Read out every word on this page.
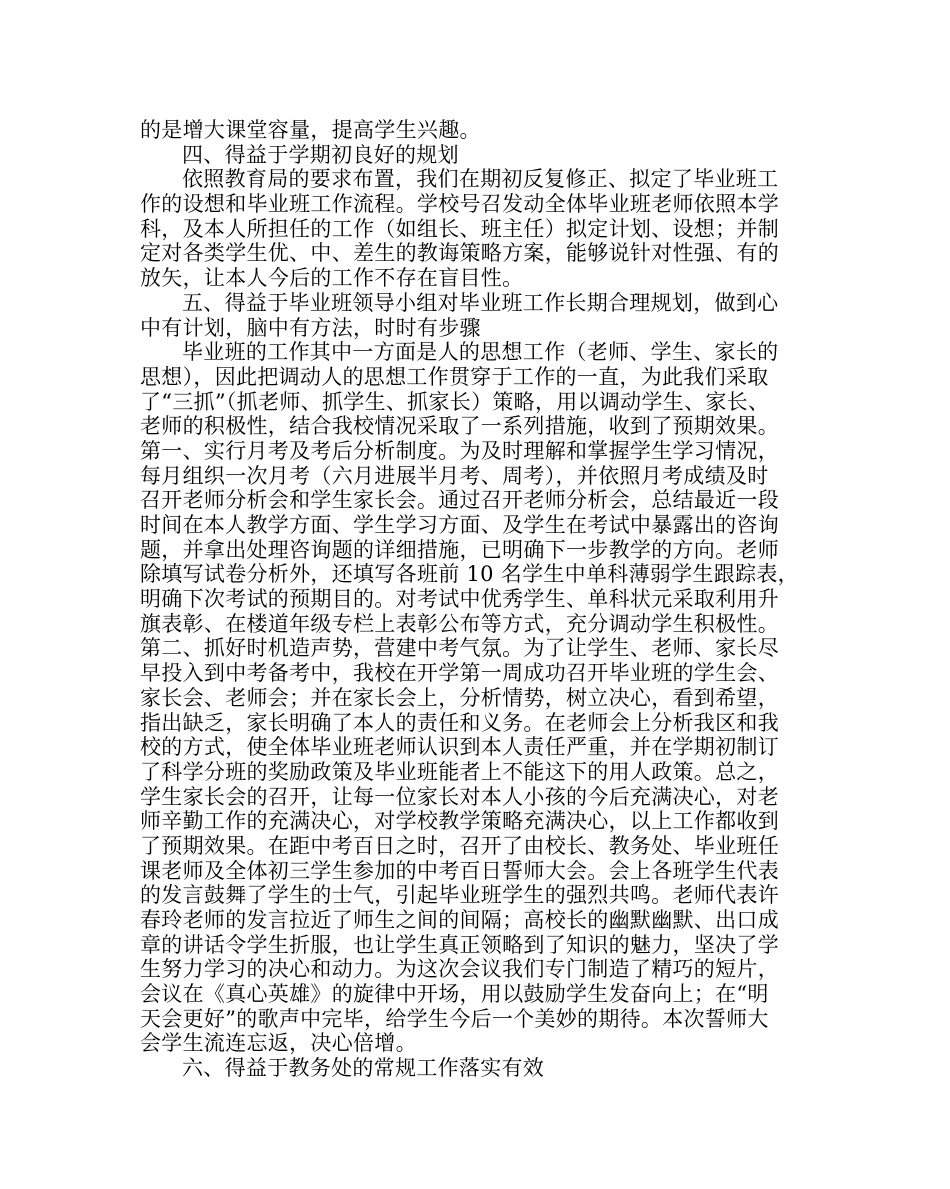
的是增大课堂容量，提高学生兴趣。
四、得益于学期初良好的规划
依照教育局的要求布置，我们在期初反复修正、拟定了毕业班工
作的设想和毕业班工作流程。学校号召发动全体毕业班老师依照本学
科，及本人所担任的工作（如组长、班主任）拟定计划、设想；并制
定对各类学生优、中、差生的教诲策略方案，能够说针对性强、有的
放矢，让本人今后的工作不存在盲目性。
五、得益于毕业班领导小组对毕业班工作长期合理规划，做到心
中有计划，脑中有方法，时时有步骤
毕业班的工作其中一方面是人的思想工作（老师、学生、家长的
思想），因此把调动人的思想工作贯穿于工作的一直，为此我们采取
了“三抓”（抓老师、抓学生、抓家长）策略，用以调动学生、家长、
老师的积极性，结合我校情况采取了一系列措施，收到了预期效果。
第一、实行月考及考后分析制度。为及时理解和掌握学生学习情况，
每月组织一次月考（六月进展半月考、周考），并依照月考成绩及时
召开老师分析会和学生家长会。通过召开老师分析会，总结最近一段
时间在本人教学方面、学生学习方面、及学生在考试中暴露出的咨询
题，并拿出处理咨询题的详细措施，已明确下一步教学的方向。老师
除填写试卷分析外，还填写各班前 10 名学生中单科薄弱学生跟踪表，
明确下次考试的预期目的。对考试中优秀学生、单科状元采取利用升
旗表彰、在楼道年级专栏上表彰公布等方式，充分调动学生积极性。
第二、抓好时机造声势，营建中考气氛。为了让学生、老师、家长尽
早投入到中考备考中，我校在开学第一周成功召开毕业班的学生会、
家长会、老师会；并在家长会上，分析情势，树立决心，看到希望，
指出缺乏，家长明确了本人的责任和义务。在老师会上分析我区和我
校的方式，使全体毕业班老师认识到本人责任严重，并在学期初制订
了科学分班的奖励政策及毕业班能者上不能这下的用人政策。总之，
学生家长会的召开，让每一位家长对本人小孩的今后充满决心，对老
师辛勤工作的充满决心，对学校教学策略充满决心，以上工作都收到
了预期效果。在距中考百日之时，召开了由校长、教务处、毕业班任
课老师及全体初三学生参加的中考百日誓师大会。会上各班学生代表
的发言鼓舞了学生的士气，引起毕业班学生的强烈共鸣。老师代表许
春玲老师的发言拉近了师生之间的间隔；高校长的幽默幽默、出口成
章的讲话令学生折服，也让学生真正领略到了知识的魅力，坚决了学
生努力学习的决心和动力。为这次会议我们专门制造了精巧的短片，
会议在《真心英雄》的旋律中开场，用以鼓励学生发奋向上；在“明
天会更好”的歌声中完毕，给学生今后一个美妙的期待。本次誓师大
会学生流连忘返，决心倍增。
六、得益于教务处的常规工作落实有效
